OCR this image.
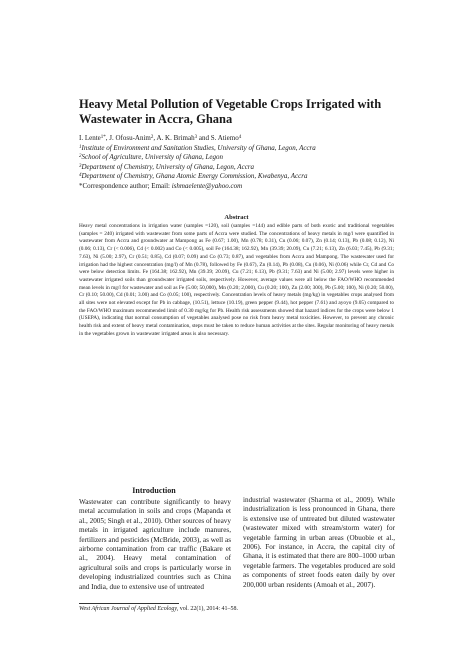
Heavy Metal Pollution of Vegetable Crops Irrigated with Wastewater in Accra, Ghana
I. Lente$^{1*}$, J. Ofosu-Anim$^2$, A. K. Brimah$^3$ and S. Atiemo$^4$
$^1$Institute of Environment and Sanitation Studies, University of Ghana, Legon, Accra
$^2$School of Agriculture, University of Ghana, Legon
$^3$Department of Chemistry, University of Ghana, Legon, Accra
$^4$Department of Chemistry, Ghana Atomic Energy Commission, Kwabenya, Accra
*Correspondence author; Email: ishmaelente@yahoo.com
Abstract
Heavy metal concentrations in irrigation water (samples =120), soil (samples =144) and edible parts of both exotic and traditional vegetables (samples = 240) irrigated with wastewater from some parts of Accra were studied. The concentrations of heavy metals in mg/l were quantified in wastewater from Accra and groundwater at Mampong as Fe (0.67; 1.00), Mn (0.78; 0.31), Cu (0.06; 0.07), Zn (0.14; 0.13), Pb (0.08; 0.12), Ni (0.06; 0.13), Cr (< 0.006), Cd (< 0.002) and Co (< 0.005), soil Fe (164.38; 162.92), Mn (39.39; 20.09), Cu (7.21; 6.13), Zn (6.03; 7.45), Pb (9.31; 7.63), Ni (5.00; 2.97), Cr (0.51; 0.85), Cd (0.07; 0.09) and Co (0.73; 0.87), and vegetables from Accra and Mampong. The wastewater used for irrigation had the highest concentration (mg/l) of Mn (0.78), followed by Fe (0.67), Zn (0.14), Pb (0.08), Cu (0.06), Ni (0.06) while Cr, Cd and Co were below detection limits. Fe (164.38; 162.92), Mn (39.39; 20.09), Cu (7.21; 6.13), Pb (9.31; 7.63) and Ni (5.00; 2.97) levels were higher in wastewater irrigated soils than groundwater irrigated soils, respectively. However, average values were all below the FAO/WHO recommended mean levels in mg/l for wastewater and soil as Fe (5.00; 50,000), Mn (0.20; 2,000), Cu (0.20; 100), Zn (2.00; 300), Pb (5.00; 100), Ni (0.20; 50.00), Cr (0.10; 50.00), Cd (0.01; 3.00) and Co (0.05; 100), respectively. Concentration levels of heavy metals (mg/kg) in vegetables crops analysed from all sites were not elevated except for Pb in cabbage, (10.51), lettuce (10.19), green pepper (9.44), hot pepper (7.61) and ayoyo (9.05) compared to the FAO/WHO maximum recommended limit of 0.30 mg/kg for Pb. Health risk assessments showed that hazard indices for the crops were below 1 (USEPA), indicating that normal consumption of vegetables analysed pose no risk from heavy metal toxicities. However, to prevent any chronic health risk and extent of heavy metal contamination, steps must be taken to reduce human activities at the sites. Regular monitoring of heavy metals in the vegetables grown in wastewater irrigated areas is also necessary.
Introduction
Wastewater can contribute significantly to heavy metal accumulation in soils and crops (Mapanda et al., 2005; Singh et al., 2010). Other sources of heavy metals in irrigated agriculture include manures, fertilizers and pesticides (McBride, 2003), as well as airborne contamination from car traffic (Bakare et al., 2004). Heavy metal contamination of agricultural soils and crops is particularly worse in developing industrialized countries such as China and India, due to extensive use of untreated
industrial wastewater (Sharma et al., 2009). While industrialization is less pronounced in Ghana, there is extensive use of untreated but diluted wastewater (wastewater mixed with stream/storm water) for vegetable farming in urban areas (Obuobie et al., 2006). For instance, in Accra, the capital city of Ghana, it is estimated that there are 800–1000 urban vegetable farmers. The vegetables produced are sold as components of street foods eaten daily by over 200,000 urban residents (Amoah et al., 2007).
West African Journal of Applied Ecology, vol. 22(1), 2014: 41–58.
